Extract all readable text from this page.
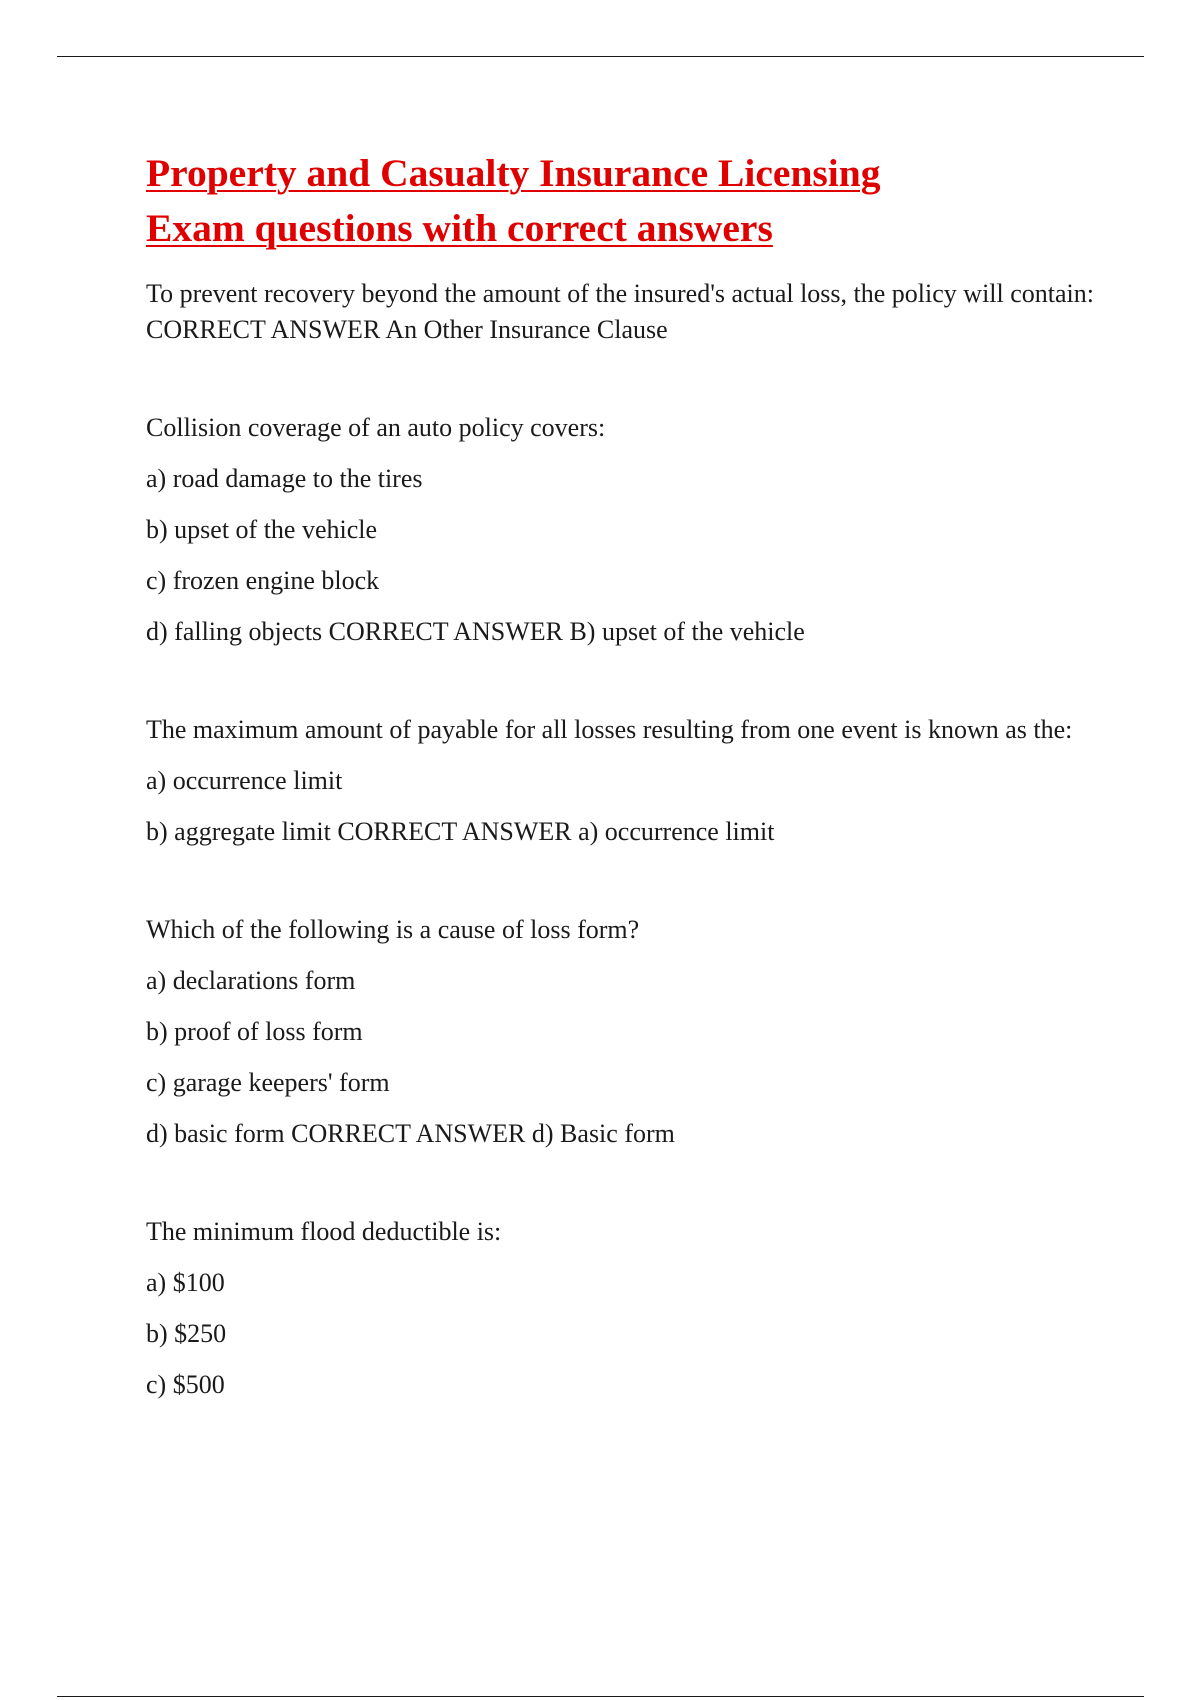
Property and Casualty Insurance Licensing
Exam questions with correct answers

To prevent recovery beyond the amount of the insured's actual loss, the policy will contain: CORRECT ANSWER An Other Insurance Clause

Collision coverage of an auto policy covers:

a) road damage to the tires

b) upset of the vehicle

c) frozen engine block

d) falling objects CORRECT ANSWER B) upset of the vehicle

The maximum amount of payable for all losses resulting from one event is known as the:

a) occurrence limit

b) aggregate limit CORRECT ANSWER a) occurrence limit

Which of the following is a cause of loss form?

a) declarations form

b) proof of loss form

c) garage keepers' form

d) basic form CORRECT ANSWER d) Basic form

The minimum flood deductible is:

a) $100

b) $250

c) $500
